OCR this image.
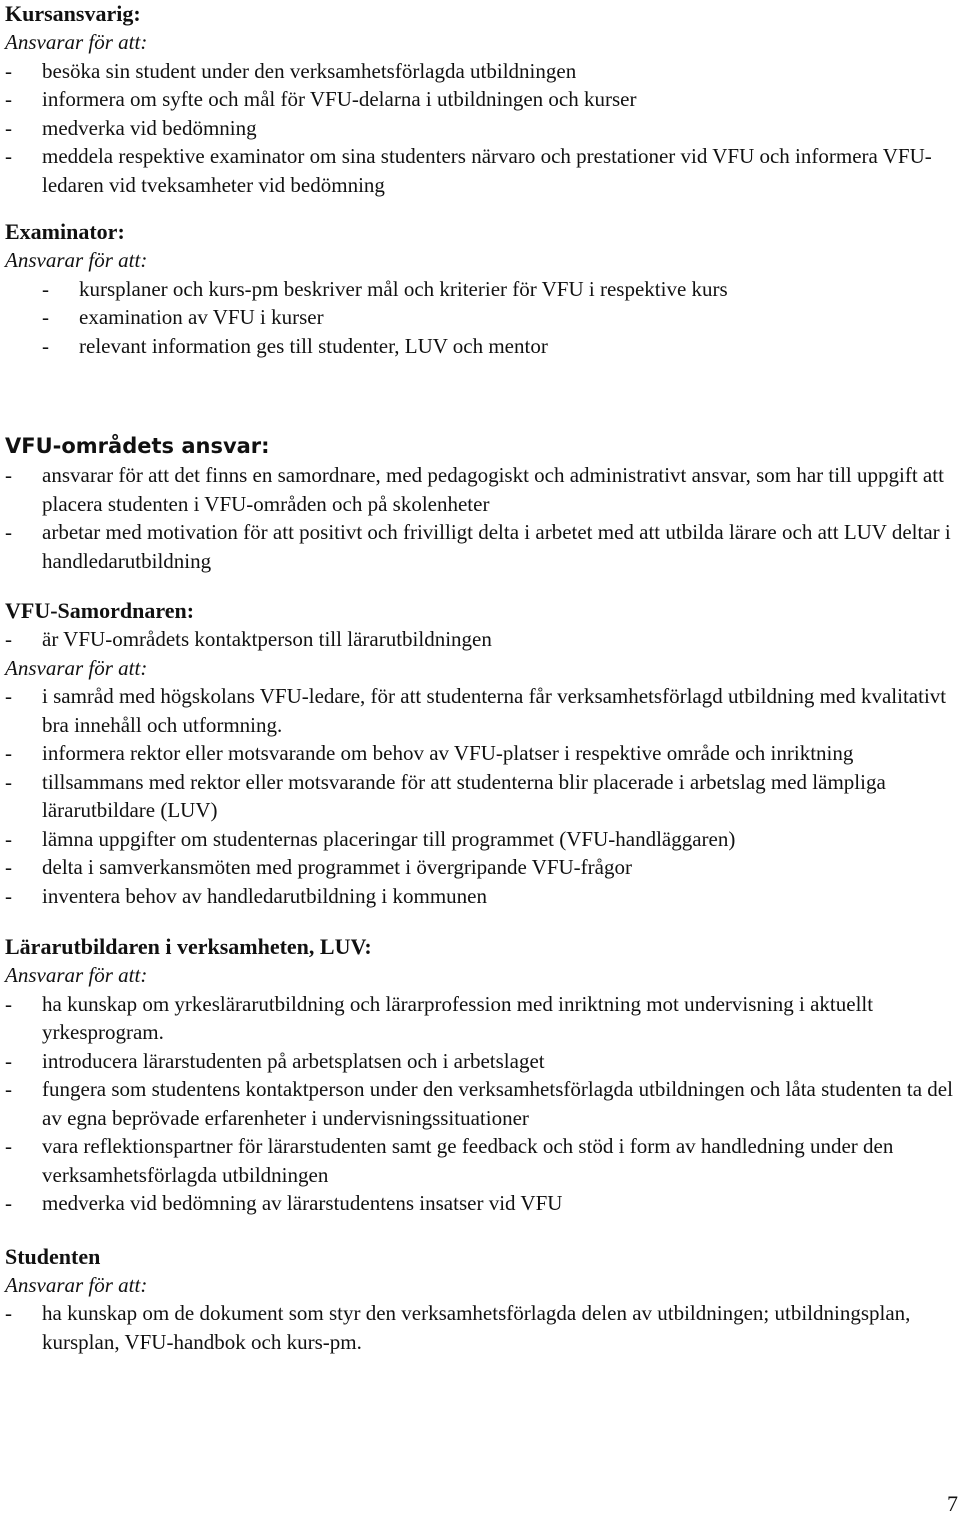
Kursansvarig:

Ansvarar för att:

- besöka sin student under den verksamhetsförlagda utbildningen
- informera om syfte och mål för VFU-delarna i utbildningen och kurser
- medverka vid bedömning
- meddela respektive examinator om sina studenters närvaro och prestationer vid VFU och informera VFU-ledaren vid tveksamheter vid bedömning

Examinator:

Ansvarar för att:

- kursplaner och kurs-pm beskriver mål och kriterier för VFU i respektive kurs
- examination av VFU i kurser
- relevant information ges till studenter, LUV och mentor

VFU-områdets ansvar:

- ansvarar för att det finns en samordnare, med pedagogiskt och administrativt ansvar, som har till uppgift att placera studenten i VFU-områden och på skolenheter
- arbetar med motivation för att positivt och frivilligt delta i arbetet med att utbilda lärare och att LUV deltar i handledarutbildning

VFU-Samordnaren:

- är VFU-områdets kontaktperson till lärarutbildningen

Ansvarar för att:

- i samråd med högskolans VFU-ledare, för att studenterna får verksamhetsförlagd utbildning med kvalitativt bra innehåll och utformning.
- informera rektor eller motsvarande om behov av VFU-platser i respektive område och inriktning
- tillsammans med rektor eller motsvarande för att studenterna blir placerade i arbetslag med lämpliga lärarutbildare (LUV)
- lämna uppgifter om studenternas placeringar till programmet (VFU-handläggaren)
- delta i samverkansmöten med programmet i övergripande VFU-frågor
- inventera behov av handledarutbildning i kommunen

Lärarutbildaren i verksamheten, LUV:

Ansvarar för att:

- ha kunskap om yrkeslärarutbildning och lärarprofession med inriktning mot undervisning i aktuellt yrkesprogram.
- introducera lärarstudenten på arbetsplatsen och i arbetslaget
- fungera som studentens kontaktperson under den verksamhetsförlagda utbildningen och låta studenten ta del av egna beprövade erfarenheter i undervisningssituationer
- vara reflektionspartner för lärarstudenten samt ge feedback och stöd i form av handledning under den verksamhetsförlagda utbildningen
- medverka vid bedömning av lärarstudentens insatser vid VFU

Studenten

Ansvarar för att:

- ha kunskap om de dokument som styr den verksamhetsförlagda delen av utbildningen; utbildningsplan, kursplan, VFU-handbok och kurs-pm.
7
